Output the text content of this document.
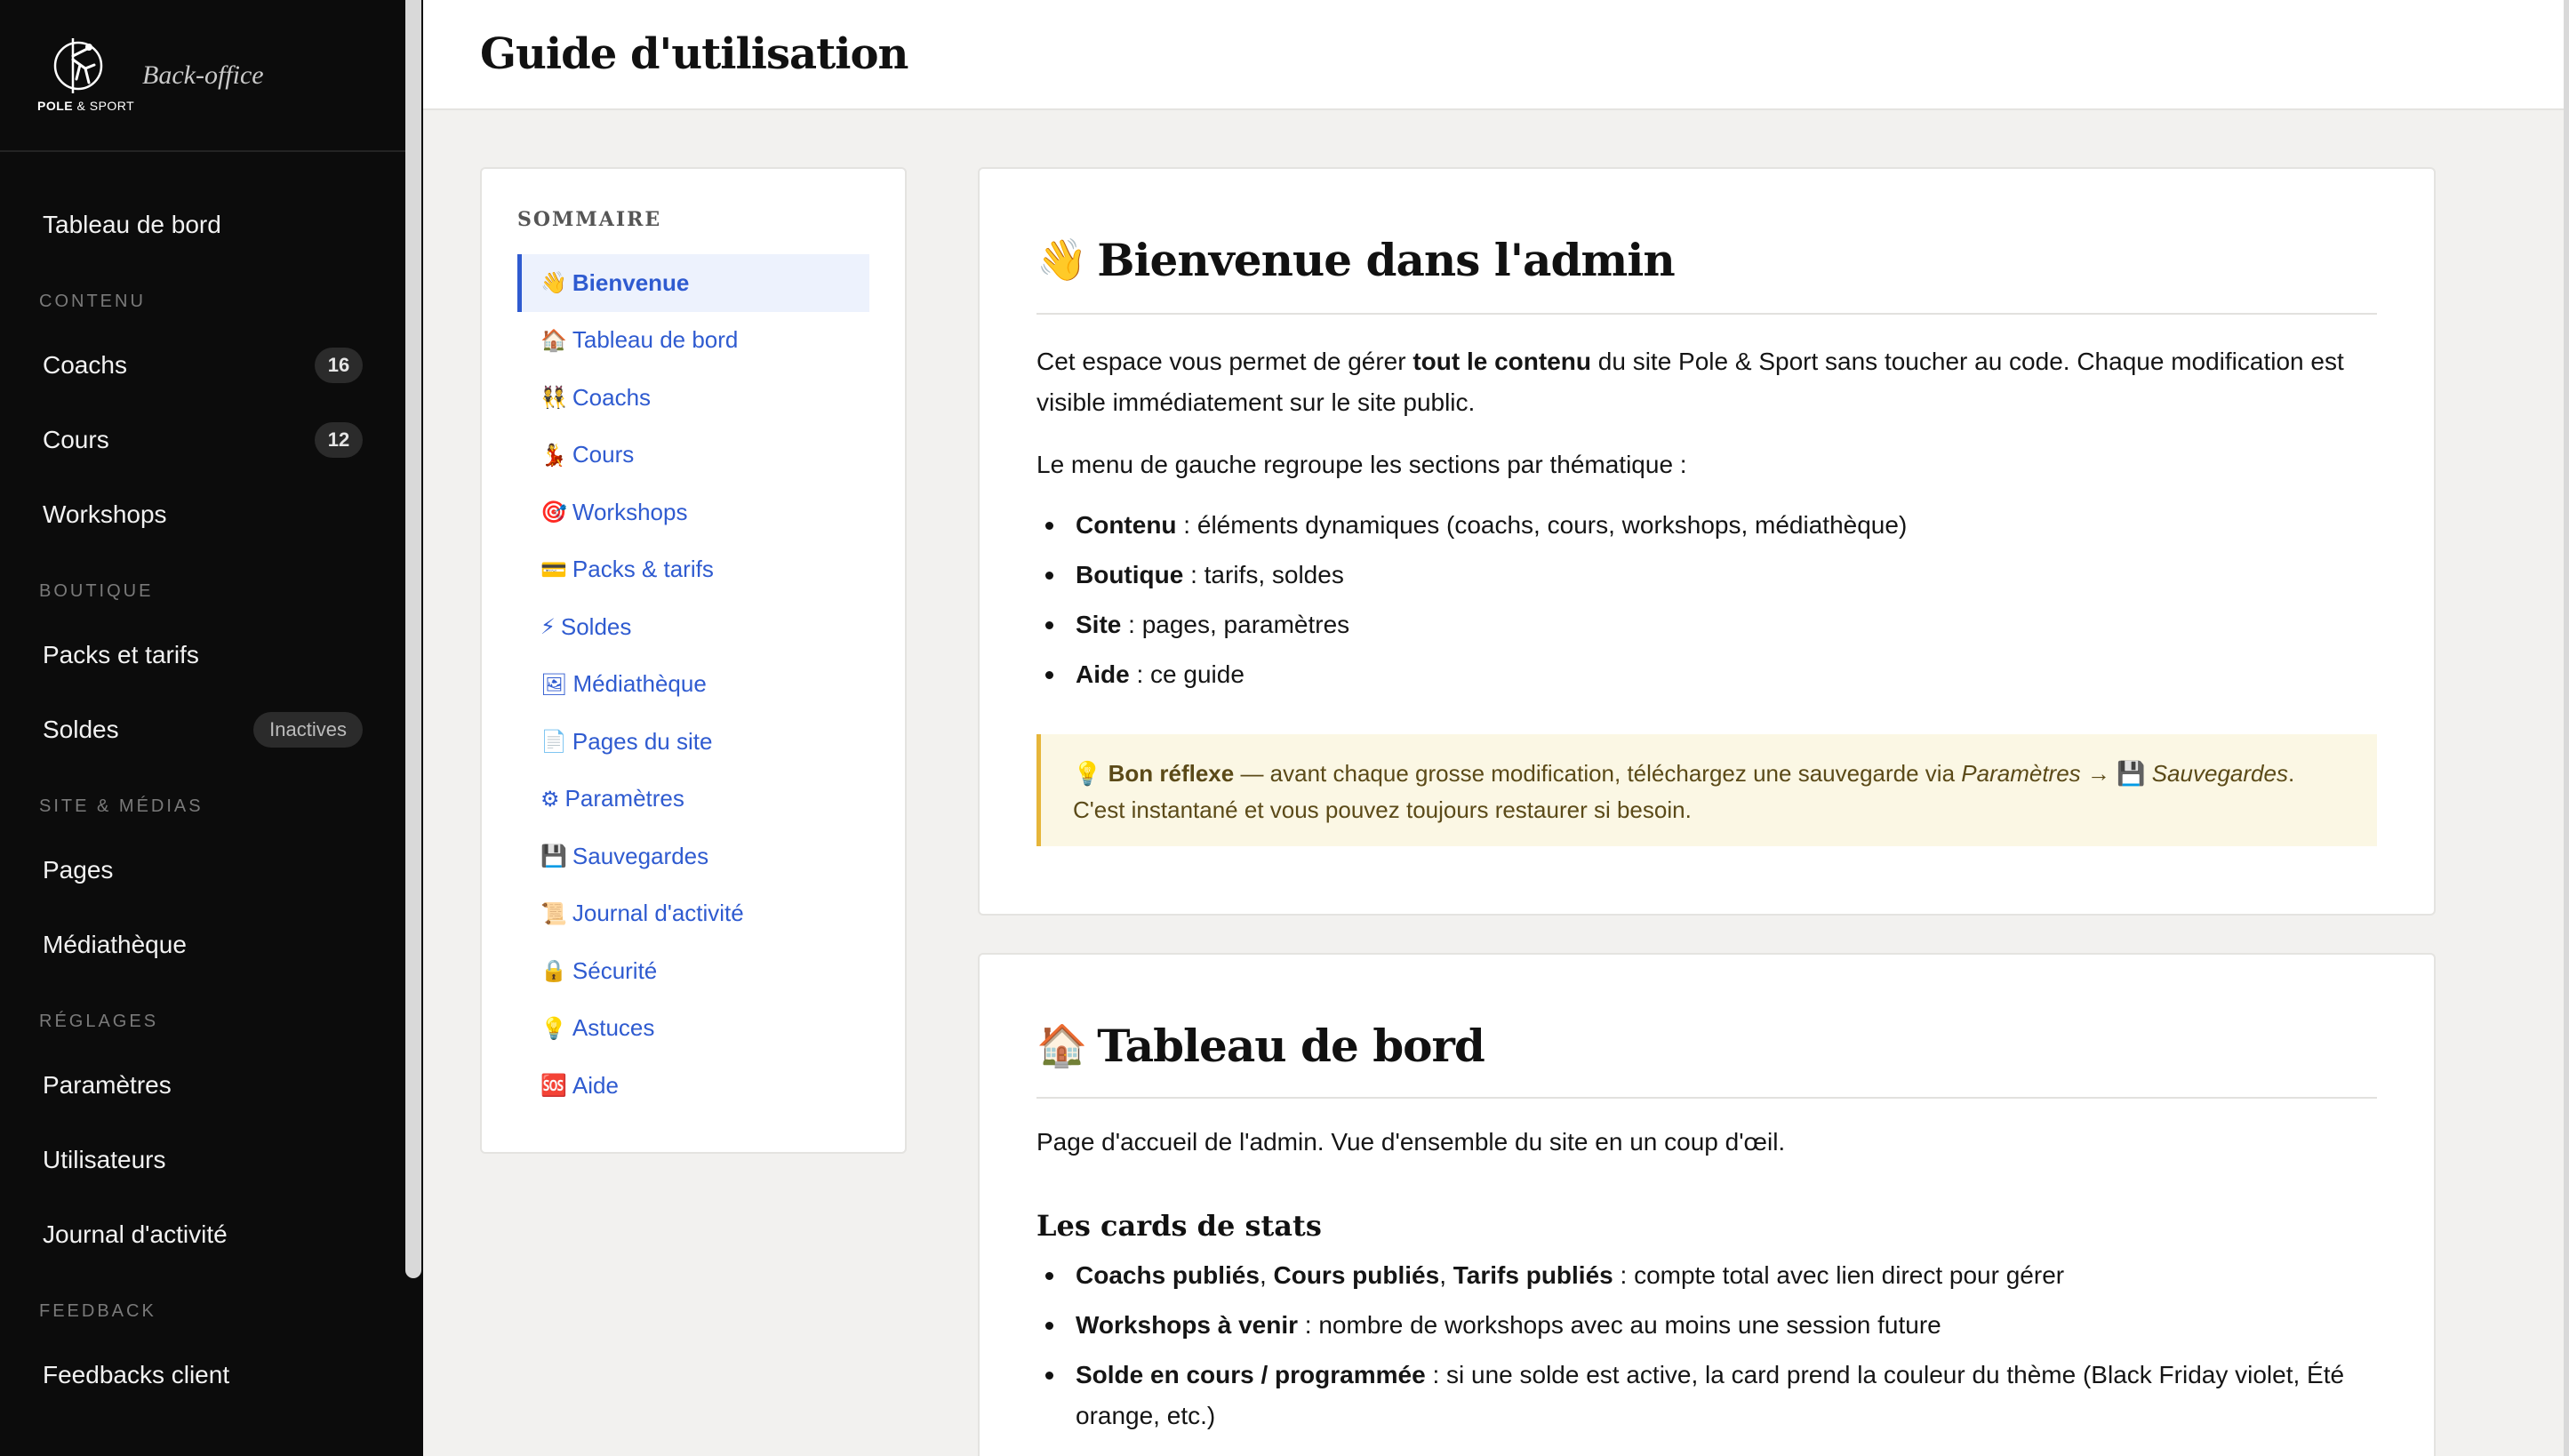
POLE & SPORT
Back-office
Tableau de bord
CONTENU
Coachs	16
Cours	12
Workshops
BOUTIQUE
Packs et tarifs
Soldes	Inactives
SITE & MÉDIAS
Pages
Médiathèque
RÉGLAGES
Paramètres
Utilisateurs
Journal d'activité
FEEDBACK
Feedbacks client
Guide d'utilisation
SOMMAIRE
👋 Bienvenue
🏠 Tableau de bord
👯 Coachs
💃 Cours
🎯 Workshops
💳 Packs & tarifs
⚡ Soldes
🖼 Médiathèque
📄 Pages du site
⚙ Paramètres
💾 Sauvegardes
📜 Journal d'activité
🔒 Sécurité
💡 Astuces
🆘 Aide
👋 Bienvenue dans l'admin

Cet espace vous permet de gérer tout le contenu du site Pole & Sport sans toucher au code. Chaque modification est visible immédiatement sur le site public.

Le menu de gauche regroupe les sections par thématique :

Contenu : éléments dynamiques (coachs, cours, workshops, médiathèque)
Boutique : tarifs, soldes
Site : pages, paramètres
Aide : ce guide
💡 Bon réflexe — avant chaque grosse modification, téléchargez une sauvegarde via Paramètres → 💾 Sauvegardes. C'est instantané et vous pouvez toujours restaurer si besoin.
🏠 Tableau de bord

Page d'accueil de l'admin. Vue d'ensemble du site en un coup d'œil.

Les cards de stats
Coachs publiés, Cours publiés, Tarifs publiés : compte total avec lien direct pour gérer
Workshops à venir : nombre de workshops avec au moins une session future
Solde en cours / programmée : si une solde est active, la card prend la couleur du thème (Black Friday violet, Été orange, etc.)
